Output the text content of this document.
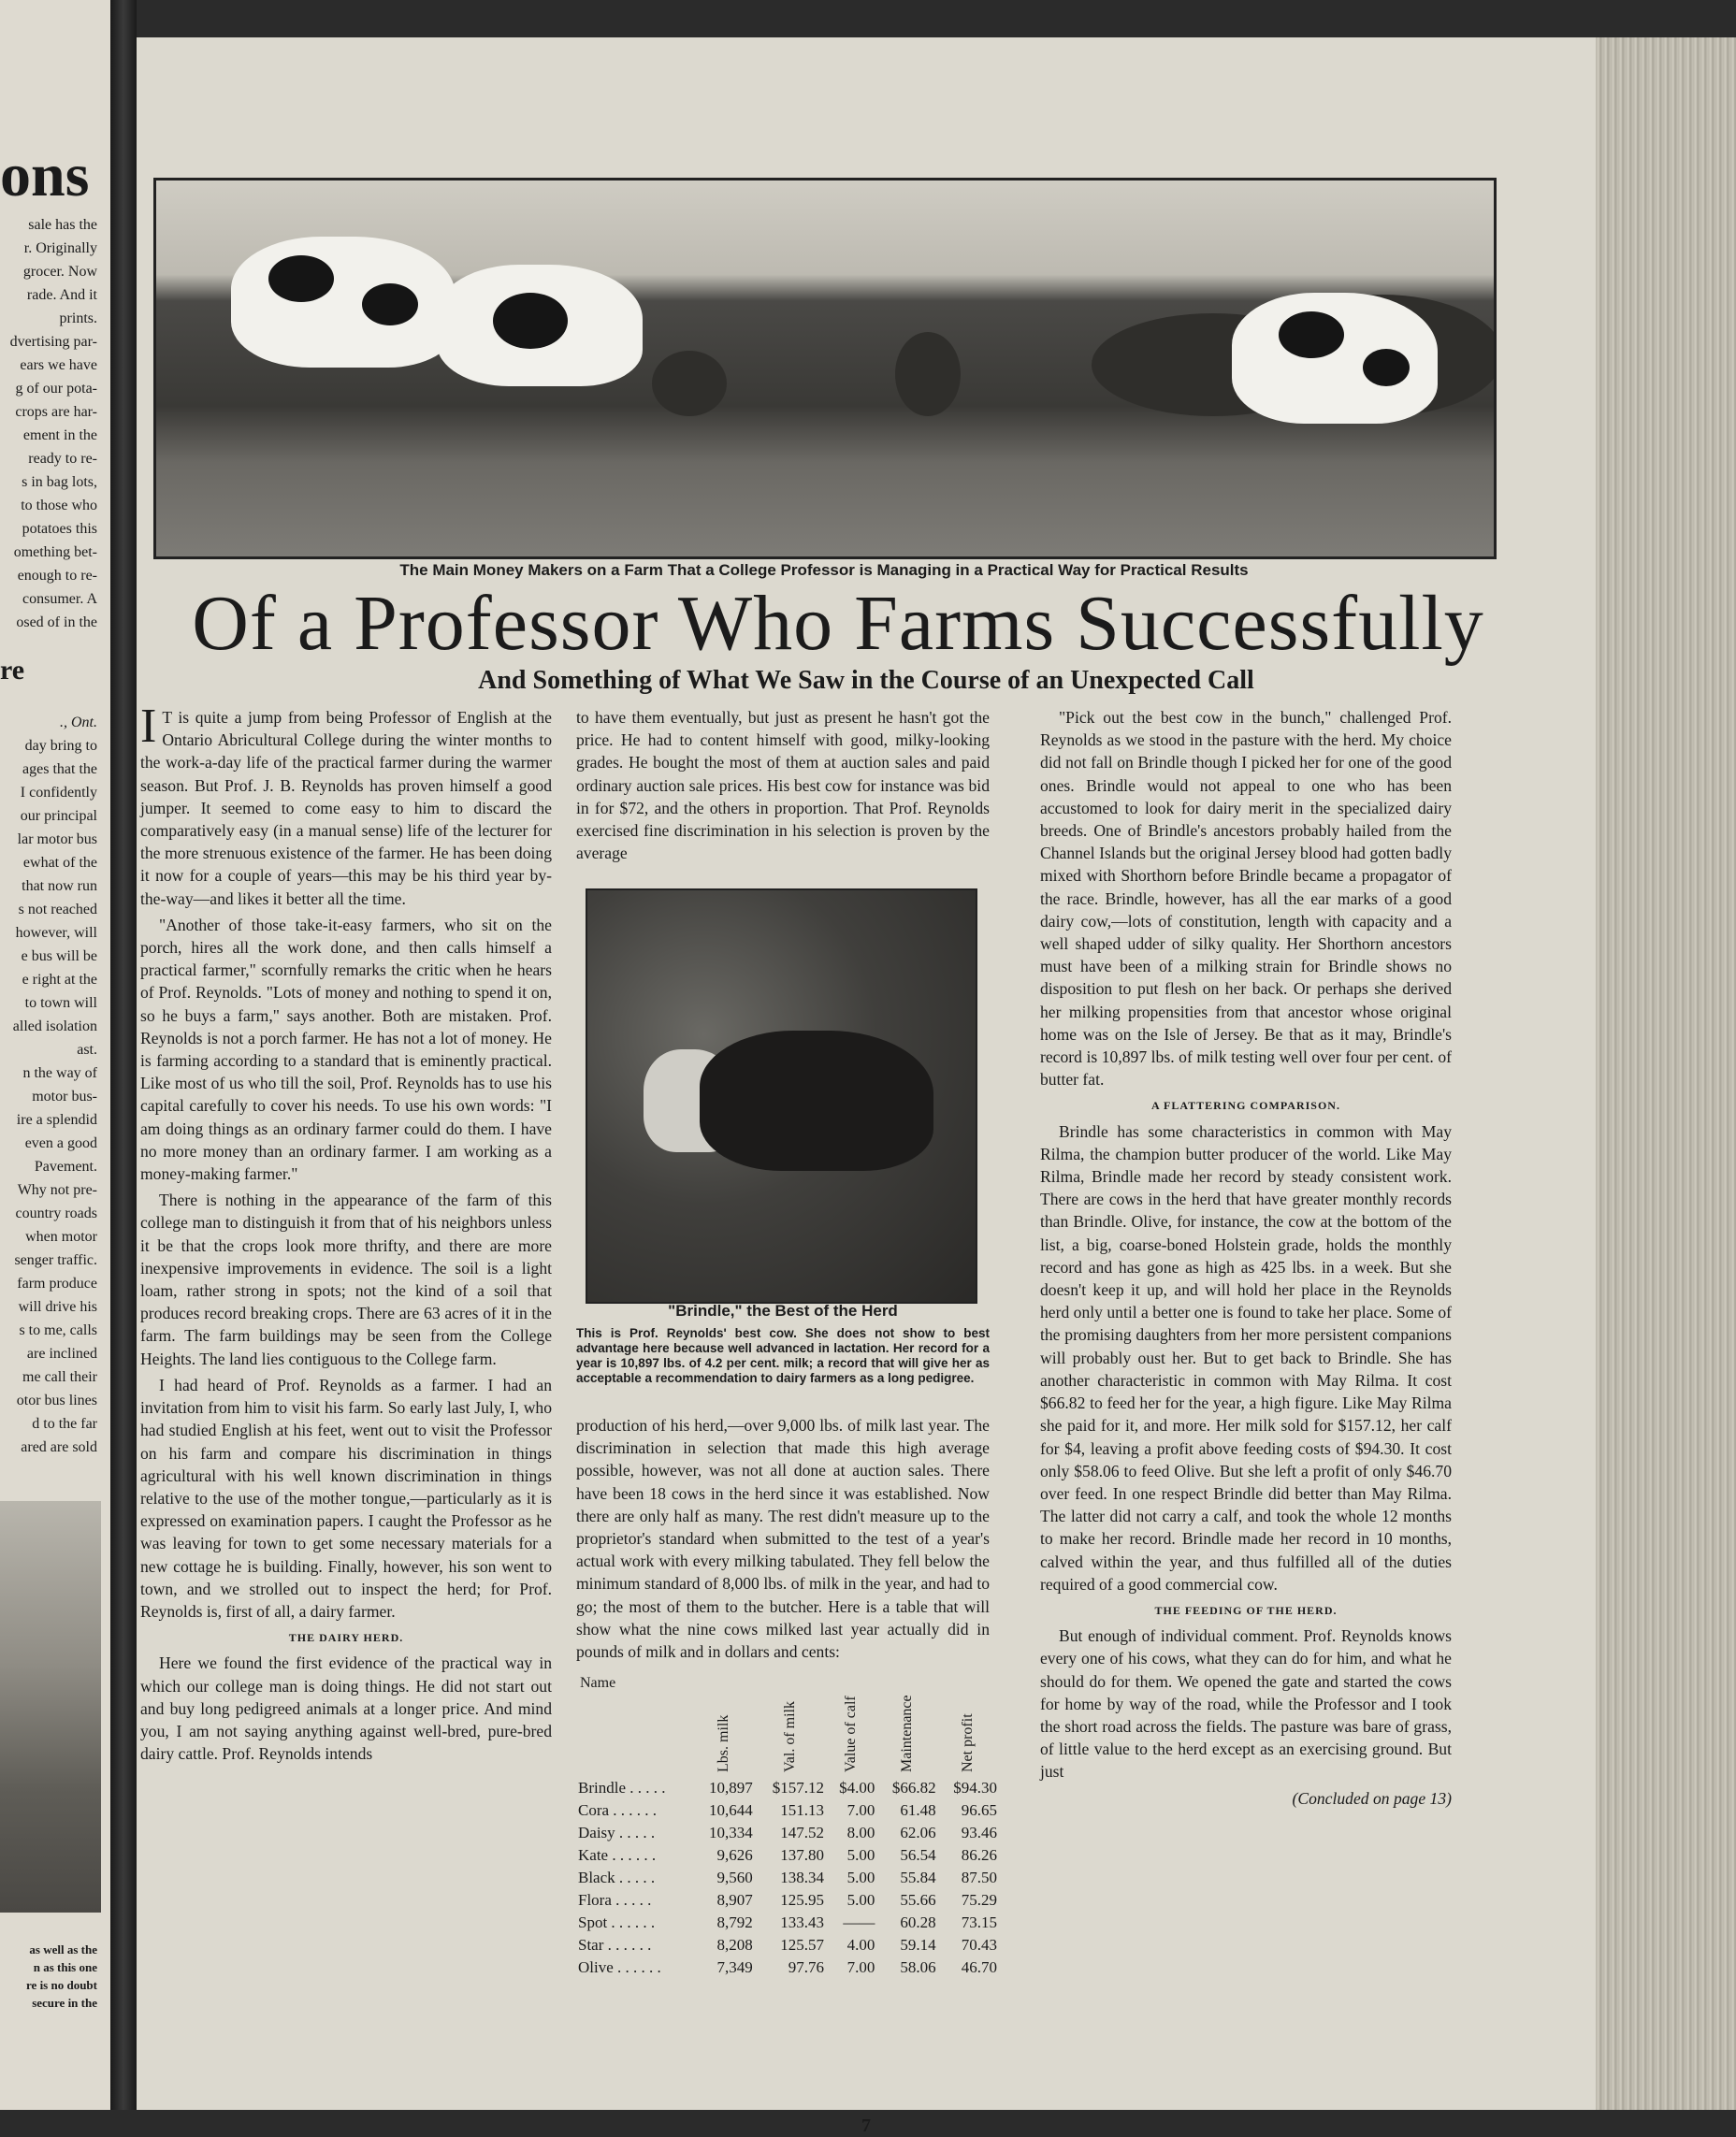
ons
sale has the
r. Originally
grocer. Now
rade. And it
prints.
dvertising par-
ears we have
g of our pota-
crops are har-
ement in the
ready to re-
s in bag lots,
to those who
potatoes this
omething bet-
enough to re-
consumer. A
osed of in the
re
., Ont.
day bring to
ages that the
I confidently
our principal
lar motor bus
ewhat of the
that now run
s not reached
however, will
e bus will be
e right at the
to town will
alled isolation
ast.
n the way of
motor bus-
ire a splendid
even a good
Pavement.
Why not pre-
country roads
when motor
senger traffic.
farm produce
will drive his
s to me, calls
are inclined
me call their
otor bus lines
d to the far
ared are sold
as well as the
n as this one
re is no doubt
secure in the
The Main Money Makers on a Farm That a College Professor is Managing in a Practical Way for Practical Results
Of a Professor Who Farms Successfully
And Something of What We Saw in the Course of an Unexpected Call

I T is quite a jump from being Professor of English at the Ontario Abricultural College during the winter months to the work-a-day life of the practical farmer during the warmer season. But Prof. J. B. Reynolds has proven himself a good jumper. It seemed to come easy to him to discard the comparatively easy (in a manual sense) life of the lecturer for the more strenuous existence of the farmer. He has been doing it now for a couple of years—this may be his third year by-the-way—and likes it better all the time.

"Another of those take-it-easy farmers, who sit on the porch, hires all the work done, and then calls himself a practical farmer," scornfully remarks the critic when he hears of Prof. Reynolds. "Lots of money and nothing to spend it on, so he buys a farm," says another. Both are mistaken. Prof. Reynolds is not a porch farmer. He has not a lot of money. He is farming according to a standard that is eminently practical. Like most of us who till the soil, Prof. Reynolds has to use his capital carefully to cover his needs. To use his own words: "I am doing things as an ordinary farmer could do them. I have no more money than an ordinary farmer. I am working as a money-making farmer."

There is nothing in the appearance of the farm of this college man to distinguish it from that of his neighbors unless it be that the crops look more thrifty, and there are more inexpensive improvements in evidence. The soil is a light loam, rather strong in spots; not the kind of a soil that produces record breaking crops. There are 63 acres of it in the farm. The farm buildings may be seen from the College Heights. The land lies contiguous to the College farm.

I had heard of Prof. Reynolds as a farmer. I had an invitation from him to visit his farm. So early last July, I, who had studied English at his feet, went out to visit the Professor on his farm and compare his discrimination in things agricultural with his well known discrimination in things relative to the use of the mother tongue,—particularly as it is expressed on examination papers. I caught the Professor as he was leaving for town to get some necessary materials for a new cottage he is building. Finally, however, his son went to town, and we strolled out to inspect the herd; for Prof. Reynolds is, first of all, a dairy farmer.

THE DAIRY HERD.

Here we found the first evidence of the practical way in which our college man is doing things. He did not start out and buy long pedigreed animals at a longer price. And mind you, I am not saying anything against well-bred, pure-bred dairy cattle. Prof. Reynolds intends

to have them eventually, but just as present he hasn't got the price. He had to content himself with good, milky-looking grades. He bought the most of them at auction sales and paid ordinary auction sale prices. His best cow for instance was bid in for $72, and the others in proportion. That Prof. Reynolds exercised fine discrimination in his selection is proven by the average

"Brindle," the Best of the Herd
This is Prof. Reynolds' best cow. She does not show to best advantage here because well advanced in lactation. Her record for a year is 10,897 lbs. of 4.2 per cent. milk; a record that will give her as acceptable a recommendation to dairy farmers as a long pedigree.

production of his herd,—over 9,000 lbs. of milk last year. The discrimination in selection that made this high average possible, however, was not all done at auction sales. There have been 18 cows in the herd since it was established. Now there are only half as many. The rest didn't measure up to the proprietor's standard when submitted to the test of a year's actual work with every milking tabulated. They fell below the minimum standard of 8,000 lbs. of milk in the year, and had to go; the most of them to the butcher. Here is a table that will show what the nine cows milked last year actually did in pounds of milk and in dollars and cents:

Name	Lbs. milk	Val. of milk	Value of calf	Maintenance	Net profit

Brindle . . . . .	10,897	$157.12	$4.00	$66.82	$94.30
Cora . . . . . .	10,644	151.13	7.00	61.48	96.65
Daisy . . . . .	10,334	147.52	8.00	62.06	93.46
Kate . . . . . .	9,626	137.80	5.00	56.54	86.26
Black . . . . .	9,560	138.34	5.00	55.84	87.50
Flora . . . . .	8,907	125.95	5.00	55.66	75.29
Spot . . . . . .	8,792	133.43	——	60.28	73.15
Star . . . . . .	8,208	125.57	4.00	59.14	70.43
Olive . . . . . .	7,349	97.76	7.00	58.06	46.70

"Pick out the best cow in the bunch," challenged Prof. Reynolds as we stood in the pasture with the herd. My choice did not fall on Brindle though I picked her for one of the good ones. Brindle would not appeal to one who has been accustomed to look for dairy merit in the specialized dairy breeds. One of Brindle's ancestors probably hailed from the Channel Islands but the original Jersey blood had gotten badly mixed with Shorthorn before Brindle became a propagator of the race. Brindle, however, has all the ear marks of a good dairy cow,—lots of constitution, length with capacity and a well shaped udder of silky quality. Her Shorthorn ancestors must have been of a milking strain for Brindle shows no disposition to put flesh on her back. Or perhaps she derived her milking propensities from that ancestor whose original home was on the Isle of Jersey. Be that as it may, Brindle's record is 10,897 lbs. of milk testing well over four per cent. of butter fat.

A FLATTERING COMPARISON.

Brindle has some characteristics in common with May Rilma, the champion butter producer of the world. Like May Rilma, Brindle made her record by steady consistent work. There are cows in the herd that have greater monthly records than Brindle. Olive, for instance, the cow at the bottom of the list, a big, coarse-boned Holstein grade, holds the monthly record and has gone as high as 425 lbs. in a week. But she doesn't keep it up, and will hold her place in the Reynolds herd only until a better one is found to take her place. Some of the promising daughters from her more persistent companions will probably oust her. But to get back to Brindle. She has another characteristic in common with May Rilma. It cost $66.82 to feed her for the year, a high figure. Like May Rilma she paid for it, and more. Her milk sold for $157.12, her calf for $4, leaving a profit above feeding costs of $94.30. It cost only $58.06 to feed Olive. But she left a profit of only $46.70 over feed. In one respect Brindle did better than May Rilma. The latter did not carry a calf, and took the whole 12 months to make her record. Brindle made her record in 10 months, calved within the year, and thus fulfilled all of the duties required of a good commercial cow.

THE FEEDING OF THE HERD.

But enough of individual comment. Prof. Reynolds knows every one of his cows, what they can do for him, and what he should do for them. We opened the gate and started the cows for home by way of the road, while the Professor and I took the short road across the fields. The pasture was bare of grass, of little value to the herd except as an exercising ground. But just

(Concluded on page 13)

7
